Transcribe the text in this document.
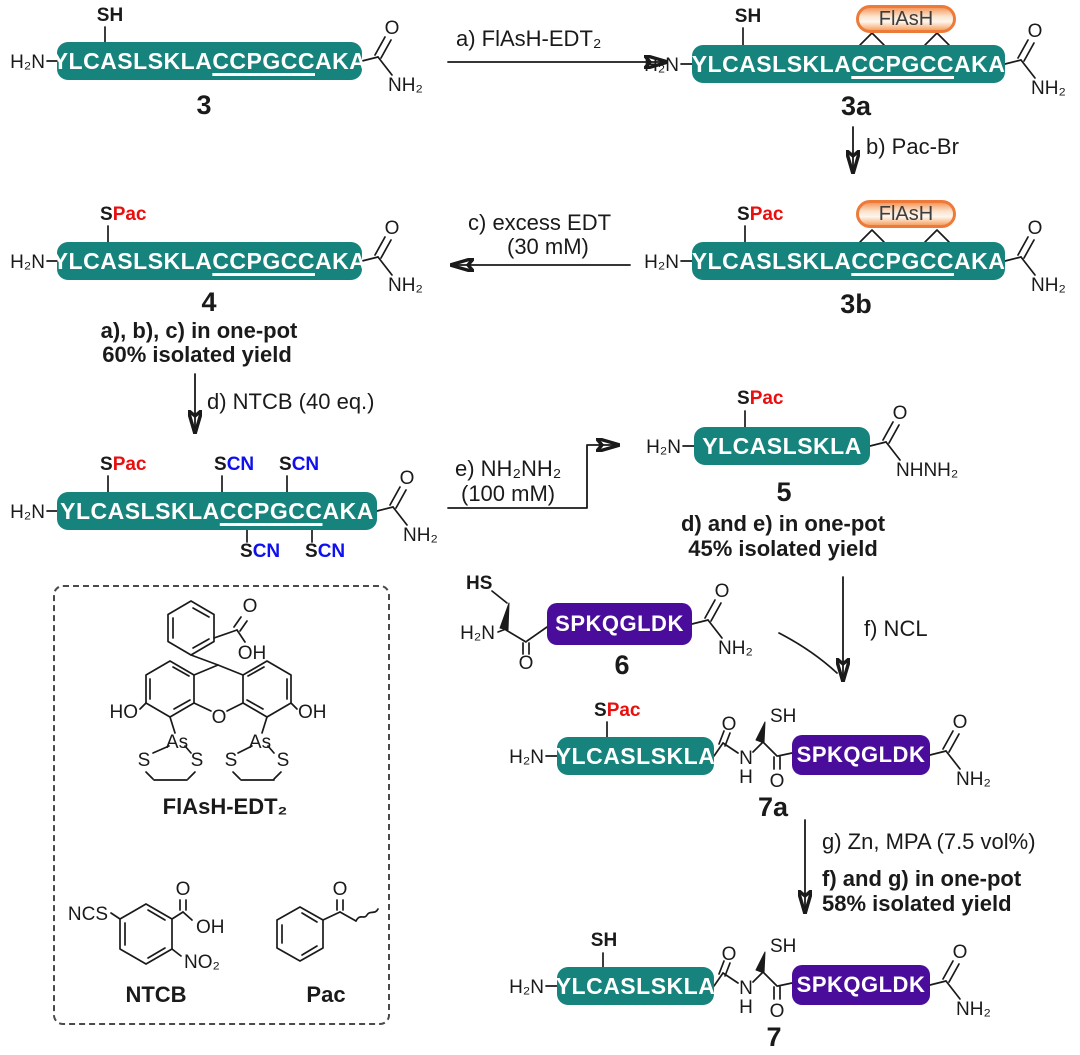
SH
H₂N
O
NH₂
SH
H₂N
O
NH₂
SPac
H₂N
O
NH₂
SPac
H₂N
O
NH₂
SPac	SCN SCN
SCN SCN
H₂N
O
NH₂
SPac
H₂N
O
NHNH₂
HS
H₂N
O
O
NH₂
SPac
H₂N
O
N
H
SH
O
O
NH₂
SH
H₂N
O
N
H
SH
O
O
NH₂
O
OH
HO	OH
O
As	As
S S S S
FlAsH-EDT₂
NCS
O
OH
NO₂
NTCB
O
Pac
YLCASLSKLA CCPGCC AKA	YLCASLSKLA CCPGCC AKA
YLCASLSKLA CCPGCC AKA
YLCASLSKLA CCPGCC AKA
YLCASLSKLA CCPGCC AKA
YLCASLSKLA
SPKQGLDK
YLCASLSKLA	SPKQGLDK
YLCASLSKLA	SPKQGLDK
FlAsH
FlAsH
3	3a
3b
4
5
6
7a
7
a) FlAsH-EDT₂
b) Pac-Br
c) excess EDT
(30 mM)
d) NTCB (40 eq.)
e) NH₂NH₂
(100 mM)
f) NCL
g) Zn, MPA (7.5 vol%)
a), b), c) in one-pot
60% isolated yield
d) and e) in one-pot
45% isolated yield
f) and g) in one-pot
58% isolated yield
